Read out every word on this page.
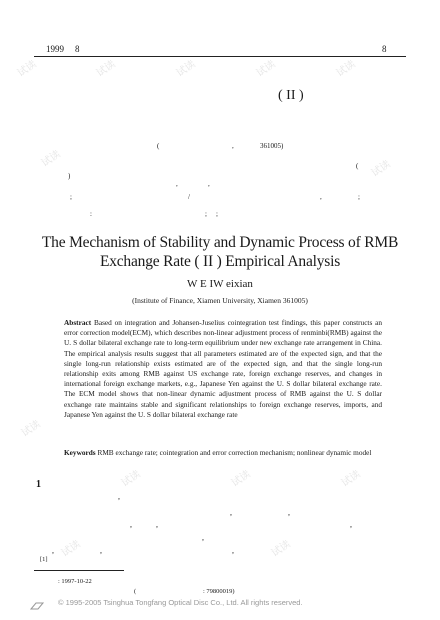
试读	试读	试读	试读	试读
试读	试读
试读
试读	试读	试读
试读	试读
1999 8	8
( II )
(	,	361005)
)
(
;	/	,	;
,	,
;
:	;
The Mechanism of Stability and Dynamic Process of RMB
Exchange Rate ( II ) Empirical Analysis
W E IW eixian
(Institute of Finance, Xiamen University, Xiamen 361005)
Abstract Based on integration and Johansen-Juselius cointegration test findings, this paper constructs an error correction model(ECM), which describes non-linear adjustment process of renminbi(RMB) against the U. S dollar bilateral exchange rate to long-term equilibrium under new exchange rate arrangement in China. The empirical analysis results suggest that all parameters estimated are of the expected sign, and that the single long-run relationship exists estimated are of the expected sign, and that the single long-run relationship exits among RMB against US exchange rate, foreign exchange reserves, and changes in international foreign exchange markets, e.g., Japanese Yen against the U. S dollar bilateral exchange rate. The ECM model shows that non-linear dynamic adjustment process of RMB against the U. S dollar exchange rate maintains stable and significant relationships to foreign exchange reserves, imports, and Japanese Yen against the U. S dollar bilateral exchange rate
Keywords RMB exchange rate; cointegration and error correction mechanism; nonlinear dynamic model
1
,
,	,
,	,	,
,
,	,	,
[1]
: 1997-10-22
(	: 79800019)
© 1995-2005 Tsinghua Tongfang Optical Disc Co., Ltd. All rights reserved.
